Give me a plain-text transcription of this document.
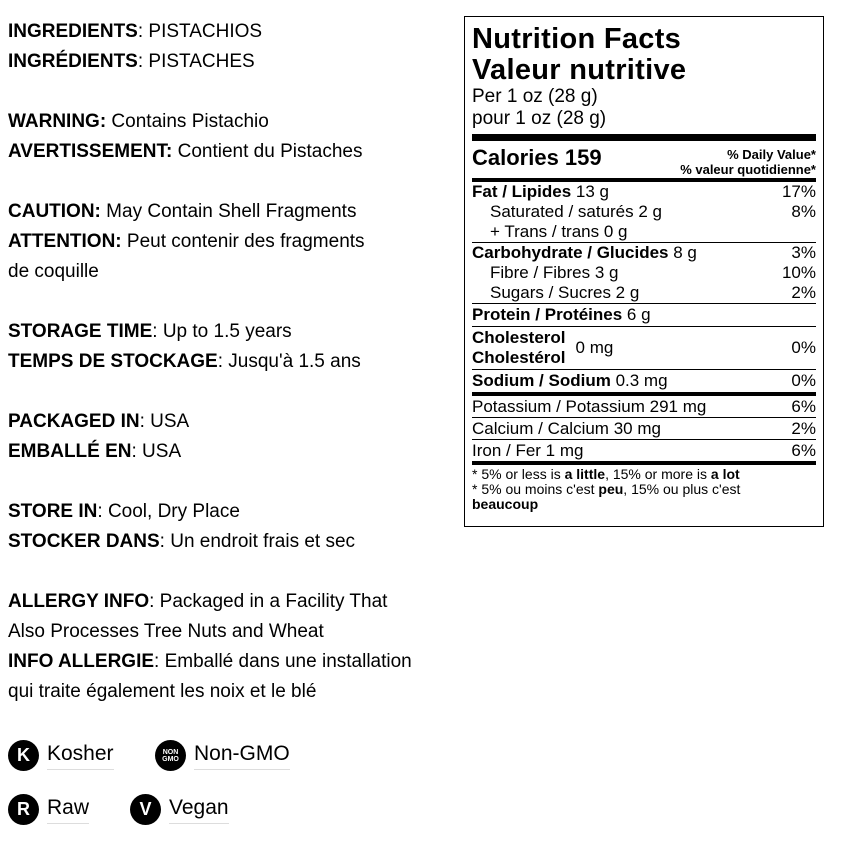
INGREDIENTS: PISTACHIOS
INGRÉDIENTS: PISTACHES
WARNING: Contains Pistachio
AVERTISSEMENT: Contient du Pistaches
CAUTION: May Contain Shell Fragments
ATTENTION: Peut contenir des fragments
de coquille
STORAGE TIME: Up to 1.5 years
TEMPS DE STOCKAGE: Jusqu'à 1.5 ans
PACKAGED IN: USA
EMBALLÉ EN: USA
STORE IN: Cool, Dry Place
STOCKER DANS: Un endroit frais et sec
ALLERGY INFO: Packaged in a Facility That
Also Processes Tree Nuts and Wheat
INFO ALLERGIE: Emballé dans une installation
qui traite également les noix et le blé
K Kosher	NON
GMO Non-GMO
R Raw	V Vegan
Nutrition Facts
Valeur nutritive
Per 1 oz (28 g)
pour 1 oz (28 g)
Calories 159	% Daily Value*
% valeur quotidienne*
Fat / Lipides 13 g	17%
Saturated / saturés 2 g	8%
+ Trans / trans 0 g
Carbohydrate / Glucides 8 g	3%
Fibre / Fibres 3 g	10%
Sugars / Sucres 2 g	2%
Protein / Protéines 6 g
Cholesterol
Cholestérol
0 mg	0%
Sodium / Sodium 0.3 mg	0%
Potassium / Potassium 291 mg	6%
Calcium / Calcium 30 mg	2%
Iron / Fer 1 mg	6%
* 5% or less is a little, 15% or more is a lot
* 5% ou moins c'est peu, 15% ou plus c'est
beaucoup
